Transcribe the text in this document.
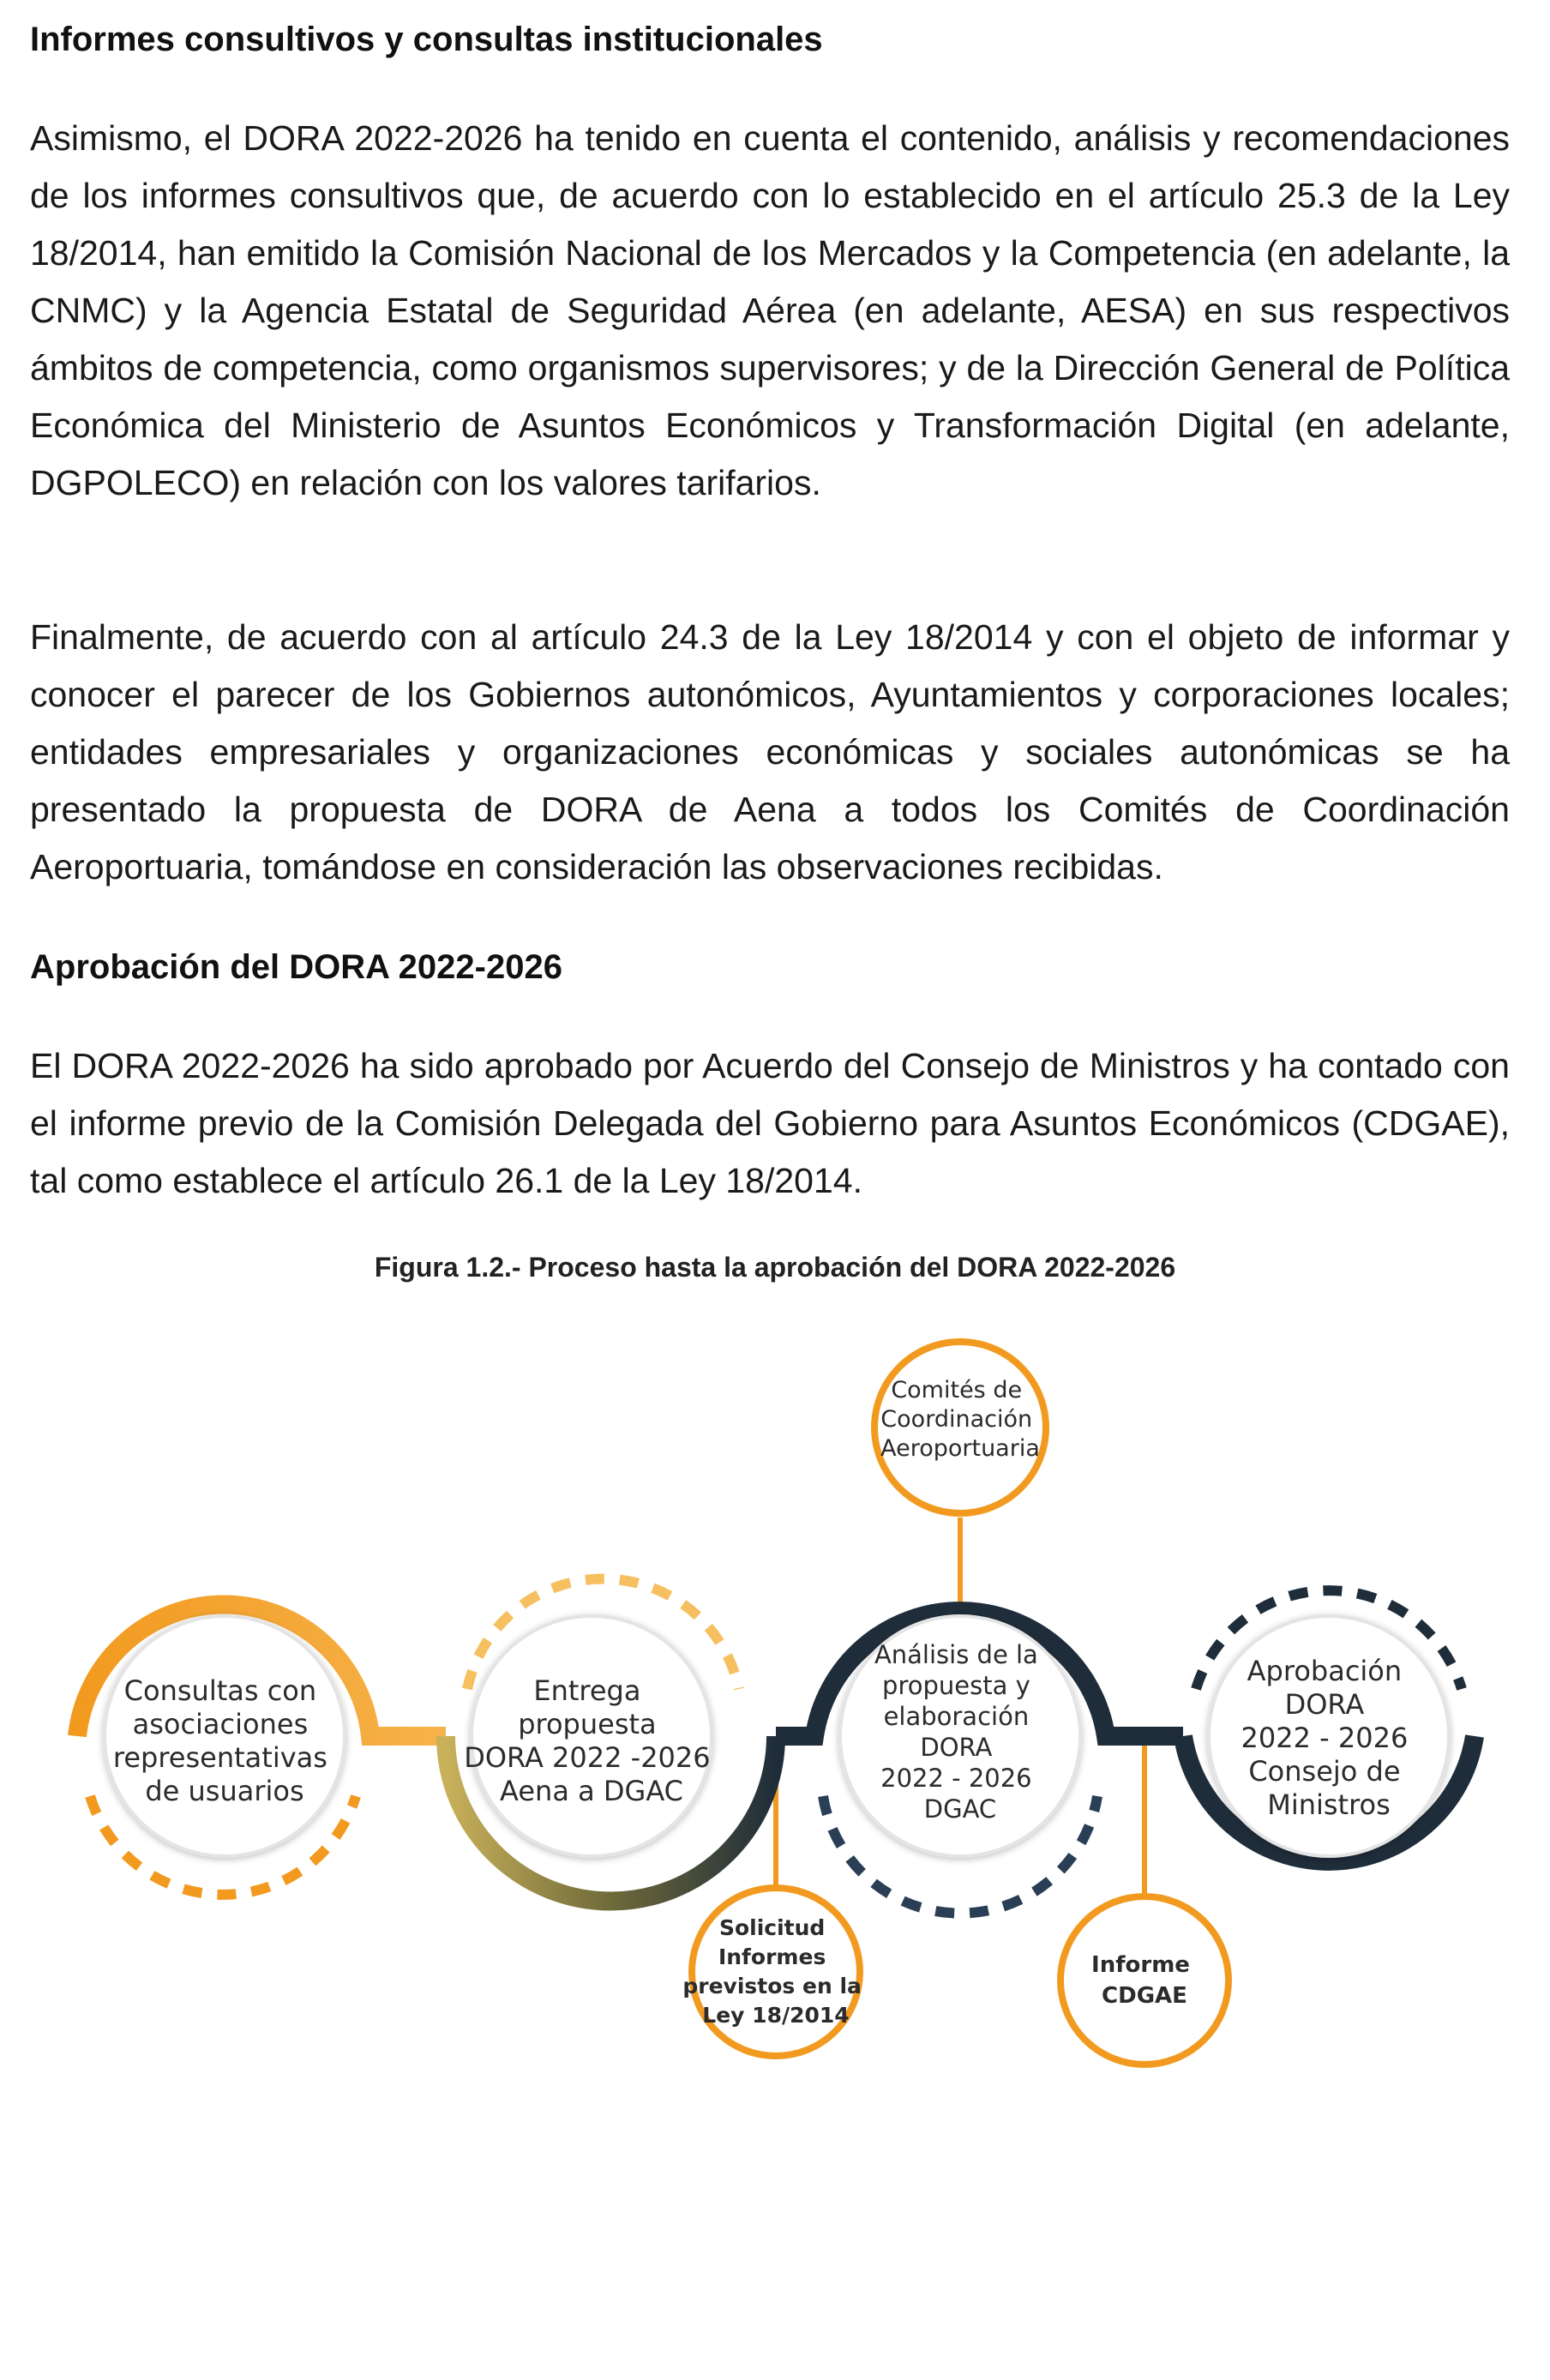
Informes consultivos y consultas institucionales

Asimismo, el DORA 2022-2026 ha tenido en cuenta el contenido, análisis y recomendaciones de los informes consultivos que, de acuerdo con lo establecido en el artículo 25.3 de la Ley 18/2014, han emitido la Comisión Nacional de los Mercados y la Competencia (en adelante, la CNMC) y la Agencia Estatal de Seguridad Aérea (en adelante, AESA) en sus respectivos ámbitos de competencia, como organismos supervisores; y de la Dirección General de Política Económica del Ministerio de Asuntos Económicos y Transformación Digital (en adelante, DGPOLECO) en relación con los valores tarifarios.

Finalmente, de acuerdo con al artículo 24.3 de la Ley 18/2014 y con el objeto de informar y conocer el parecer de los Gobiernos autonómicos, Ayuntamientos y corporaciones locales; entidades empresariales y organizaciones económicas y sociales autonómicas se ha presentado la propuesta de DORA de Aena a todos los Comités de Coordinación Aeroportuaria, tomándose en consideración las observaciones recibidas.

Aprobación del DORA 2022-2026

El DORA 2022-2026 ha sido aprobado por Acuerdo del Consejo de Ministros y ha contado con el informe previo de la Comisión Delegada del Gobierno para Asuntos Económicos (CDGAE), tal como establece el artículo 26.1 de la Ley 18/2014.

Figura 1.2.- Proceso hasta la aprobación del DORA 2022-2026
Consultas con asociaciones representativas de usuarios
Entrega propuesta DORA 2022 -2026 Aena a DGAC
Análisis de la propuesta y elaboración DORA 2022 - 2026 DGAC
Aprobación DORA 2022 - 2026 Consejo de Ministros
Comités de Coordinación Aeroportuaria
Solicitud Informes previstos en la Ley 18/2014
Informe CDGAE
